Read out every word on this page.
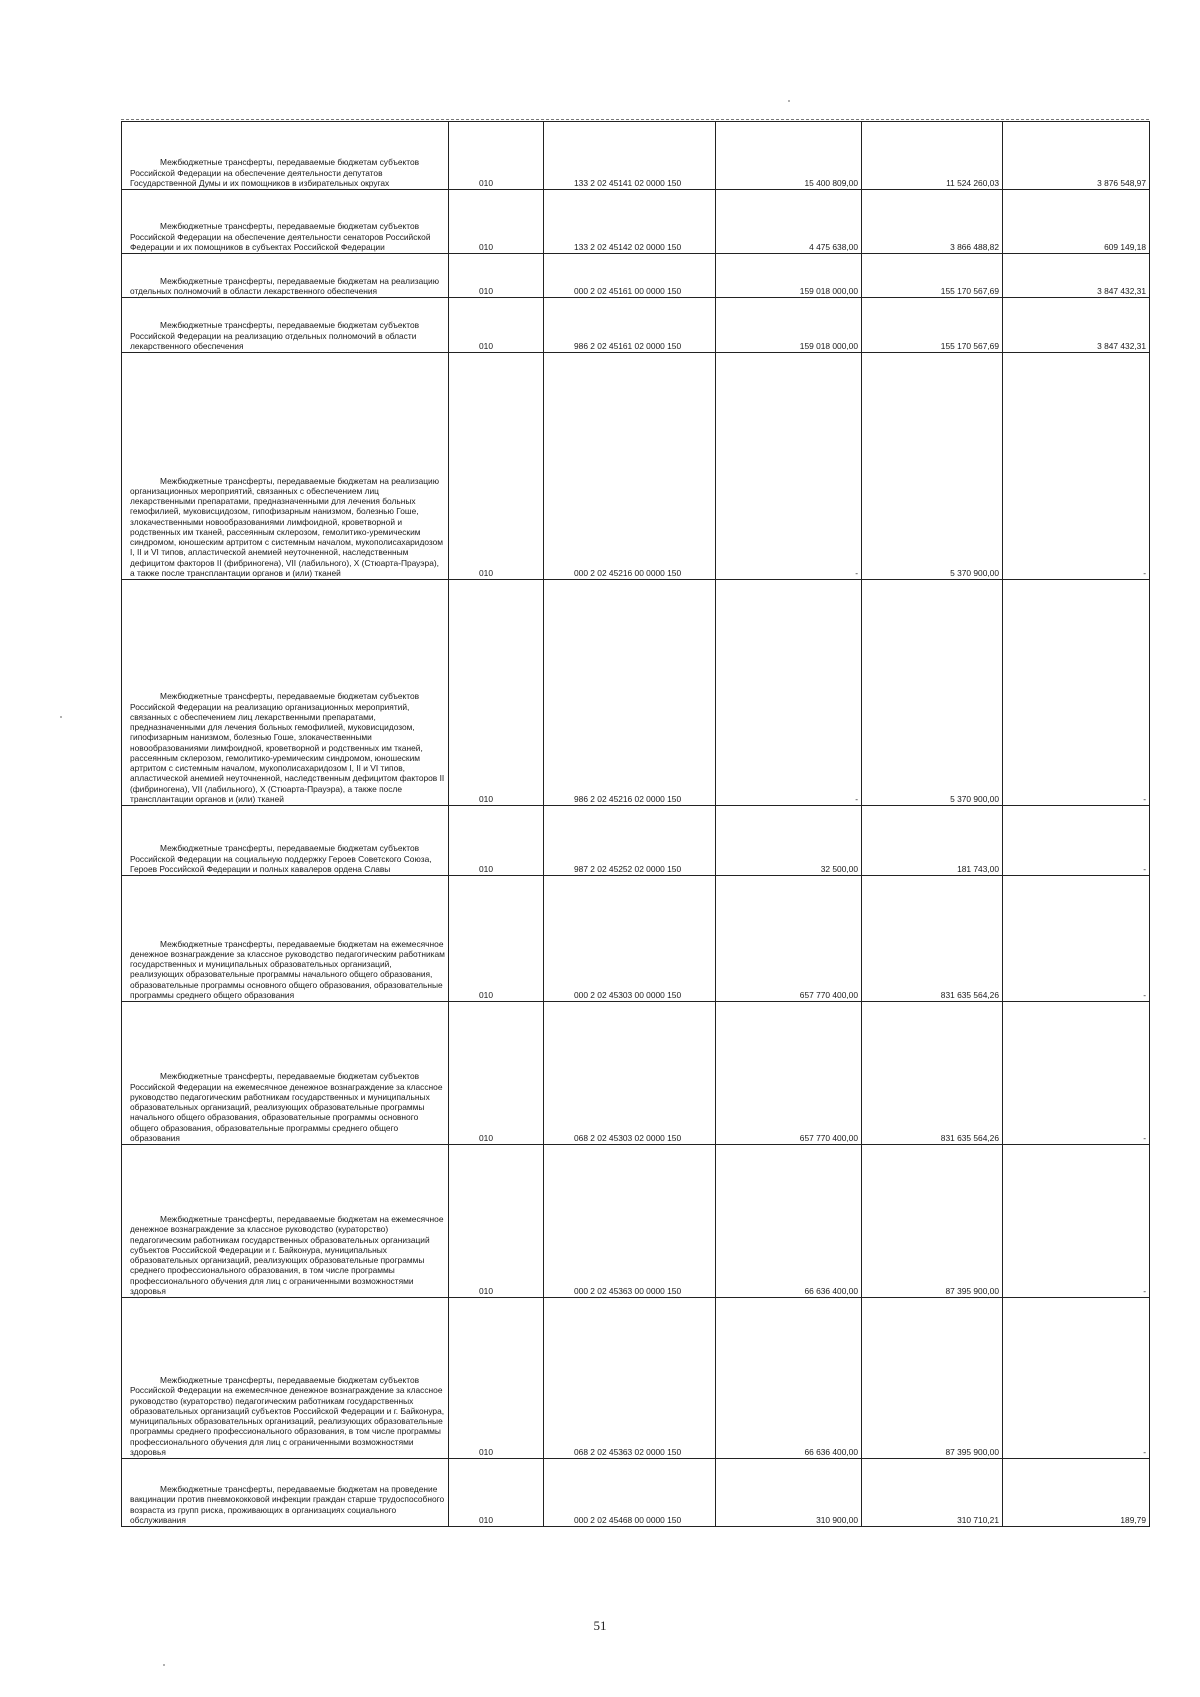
Межбюджетные трансферты, передаваемые бюджетам субъектов Российской Федерации на обеспечение деятельности депутатов Государственной Думы и их помощников в избирательных округах	010	133 2 02 45141 02 0000 150	15 400 809,00	11 524 260,03	3 876 548,97

Межбюджетные трансферты, передаваемые бюджетам субъектов Российской Федерации на обеспечение деятельности сенаторов Российской Федерации и их помощников в субъектах Российской Федерации	010	133 2 02 45142 02 0000 150	4 475 638,00	3 866 488,82	609 149,18

Межбюджетные трансферты, передаваемые бюджетам на реализацию отдельных полномочий в области лекарственного обеспечения	010	000 2 02 45161 00 0000 150	159 018 000,00	155 170 567,69	3 847 432,31

Межбюджетные трансферты, передаваемые бюджетам субъектов Российской Федерации на реализацию отдельных полномочий в области лекарственного обеспечения	010	986 2 02 45161 02 0000 150	159 018 000,00	155 170 567,69	3 847 432,31

Межбюджетные трансферты, передаваемые бюджетам на реализацию организационных мероприятий, связанных с обеспечением лиц лекарственными препаратами, предназначенными для лечения больных гемофилией, муковисцидозом, гипофизарным нанизмом, болезнью Гоше, злокачественными новообразованиями лимфоидной, кроветворной и родственных им тканей, рассеянным склерозом, гемолитико-уремическим синдромом, юношеским артритом с системным началом, мукополисахаридозом I, II и VI типов, апластической анемией неуточненной, наследственным дефицитом факторов II (фибриногена), VII (лабильного), X (Стюарта-Прауэра), а также после трансплантации органов и (или) тканей	010	000 2 02 45216 00 0000 150	-	5 370 900,00	-

Межбюджетные трансферты, передаваемые бюджетам субъектов Российской Федерации на реализацию организационных мероприятий, связанных с обеспечением лиц лекарственными препаратами, предназначенными для лечения больных гемофилией, муковисцидозом, гипофизарным нанизмом, болезнью Гоше, злокачественными новообразованиями лимфоидной, кроветворной и родственных им тканей, рассеянным склерозом, гемолитико-уремическим синдромом, юношеским артритом с системным началом, мукополисахаридозом I, II и VI типов, апластической анемией неуточненной, наследственным дефицитом факторов II (фибриногена), VII (лабильного), X (Стюарта-Прауэра), а также после трансплантации органов и (или) тканей	010	986 2 02 45216 02 0000 150	-	5 370 900,00	-

Межбюджетные трансферты, передаваемые бюджетам субъектов Российской Федерации на социальную поддержку Героев Советского Союза, Героев Российской Федерации и полных кавалеров ордена Славы	010	987 2 02 45252 02 0000 150	32 500,00	181 743,00	-

Межбюджетные трансферты, передаваемые бюджетам на ежемесячное денежное вознаграждение за классное руководство педагогическим работникам государственных и муниципальных образовательных организаций, реализующих образовательные программы начального общего образования, образовательные программы основного общего образования, образовательные программы среднего общего образования	010	000 2 02 45303 00 0000 150	657 770 400,00	831 635 564,26	-

Межбюджетные трансферты, передаваемые бюджетам субъектов Российской Федерации на ежемесячное денежное вознаграждение за классное руководство педагогическим работникам государственных и муниципальных образовательных организаций, реализующих образовательные программы начального общего образования, образовательные программы основного общего образования, образовательные программы среднего общего образования	010	068 2 02 45303 02 0000 150	657 770 400,00	831 635 564,26	-

Межбюджетные трансферты, передаваемые бюджетам на ежемесячное денежное вознаграждение за классное руководство (кураторство) педагогическим работникам государственных образовательных организаций субъектов Российской Федерации и г. Байконура, муниципальных образовательных организаций, реализующих образовательные программы среднего профессионального образования, в том числе программы профессионального обучения для лиц с ограниченными возможностями здоровья	010	000 2 02 45363 00 0000 150	66 636 400,00	87 395 900,00	-

Межбюджетные трансферты, передаваемые бюджетам субъектов Российской Федерации на ежемесячное денежное вознаграждение за классное руководство (кураторство) педагогическим работникам государственных образовательных организаций субъектов Российской Федерации и г. Байконура, муниципальных образовательных организаций, реализующих образовательные программы среднего профессионального образования, в том числе программы профессионального обучения для лиц с ограниченными возможностями здоровья	010	068 2 02 45363 02 0000 150	66 636 400,00	87 395 900,00	-

Межбюджетные трансферты, передаваемые бюджетам на проведение вакцинации против пневмококковой инфекции граждан старше трудоспособного возраста из групп риска, проживающих в организациях социального обслуживания	010	000 2 02 45468 00 0000 150	310 900,00	310 710,21	189,79
51
